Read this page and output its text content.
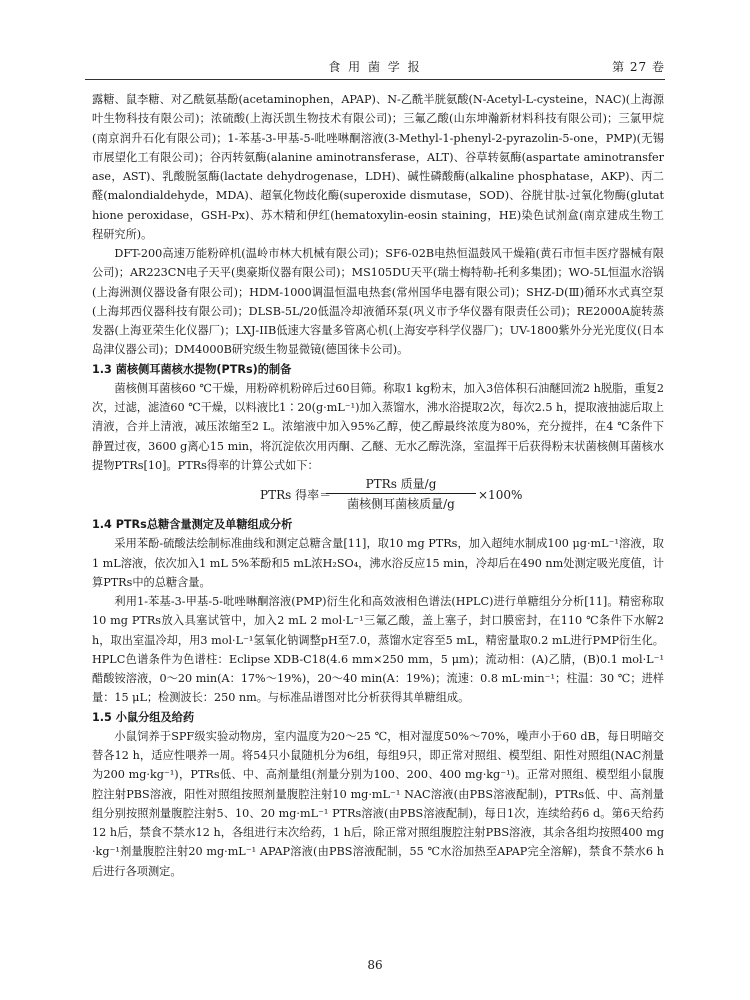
食 用 菌 学 报	第 27 卷

露糖、鼠李糖、对乙酰氨基酚(acetaminophen，APAP)、N-乙酰半胱氨酸(N-Acetyl-L-cysteine，NAC)(上海源叶生物科技有限公司)；浓硫酸(上海沃凯生物技术有限公司)；三氟乙酸(山东坤瀚新材料科技有限公司)；三氯甲烷(南京润升石化有限公司)；1-苯基-3-甲基-5-吡唑啉酮溶液(3-Methyl-1-phenyl-2-pyrazolin-5-one，PMP)(无锡市展望化工有限公司)；谷丙转氨酶(alanine aminotransferase，ALT)、谷草转氨酶(aspartate aminotransferase，AST)、乳酸脱氢酶(lactate dehydrogenase，LDH)、碱性磷酸酶(alkaline phosphatase，AKP)、丙二醛(malondialdehyde，MDA)、超氧化物歧化酶(superoxide dismutase，SOD)、谷胱甘肽-过氧化物酶(glutathione peroxidase，GSH-Px)、苏木精和伊红(hematoxylin-eosin staining，HE)染色试剂盒(南京建成生物工程研究所)。

DFT-200高速万能粉碎机(温岭市林大机械有限公司)；SF6-02B电热恒温鼓风干燥箱(黄石市恒丰医疗器械有限公司)；AR223CN电子天平(奥豪斯仪器有限公司)；MS105DU天平(瑞士梅特勒-托利多集团)；WO-5L恒温水浴锅(上海洲测仪器设备有限公司)；HDM-1000调温恒温电热套(常州国华电器有限公司)；SHZ-D(Ⅲ)循环水式真空泵(上海邦西仪器科技有限公司)；DLSB-5L/20低温冷却液循环泵(巩义市予华仪器有限责任公司)；RE2000A旋转蒸发器(上海亚荣生化仪器厂)；LXJ-IIB低速大容量多管离心机(上海安亭科学仪器厂)；UV-1800紫外分光光度仪(日本岛津仪器公司)；DM4000B研究级生物显微镜(德国徕卡公司)。

1.3 菌核侧耳菌核水提物(PTRs)的制备

菌核侧耳菌核60 ℃干燥，用粉碎机粉碎后过60目筛。称取1 kg粉末，加入3倍体积石油醚回流2 h脱脂，重复2次，过滤，滤渣60 ℃干燥，以料液比1∶20(g·mL⁻¹)加入蒸馏水，沸水浴提取2次，每次2.5 h，提取液抽滤后取上清液，合并上清液，减压浓缩至2 L。浓缩液中加入95%乙醇，使乙醇最终浓度为80%，充分搅拌，在4 ℃条件下静置过夜，3600 g离心15 min，将沉淀依次用丙酮、乙醚、无水乙醇洗涤，室温挥干后获得粉末状菌核侧耳菌核水提物PTRs[10]。PTRs得率的计算公式如下：

PTRs 得率＝
PTRs 质量/g
菌核侧耳菌核质量/g
×100%

1.4 PTRs总糖含量测定及单糖组成分析

采用苯酚-硫酸法绘制标准曲线和测定总糖含量[11]，取10 mg PTRs，加入超纯水制成100 μg·mL⁻¹溶液，取1 mL溶液，依次加入1 mL 5%苯酚和5 mL浓H₂SO₄，沸水浴反应15 min，冷却后在490 nm处测定吸光度值，计算PTRs中的总糖含量。

利用1-苯基-3-甲基-5-吡唑啉酮溶液(PMP)衍生化和高效液相色谱法(HPLC)进行单糖组分分析[11]。精密称取10 mg PTRs放入具塞试管中，加入2 mL 2 mol·L⁻¹三氟乙酸，盖上塞子，封口膜密封，在110 ℃条件下水解2 h，取出室温冷却，用3 mol·L⁻¹氢氧化钠调整pH至7.0，蒸馏水定容至5 mL，精密量取0.2 mL进行PMP衍生化。HPLC色谱条件为色谱柱：Eclipse XDB-C18(4.6 mm×250 mm，5 μm)；流动相：(A)乙腈，(B)0.1 mol·L⁻¹醋酸铵溶液，0～20 min(A：17%～19%)，20～40 min(A：19%)；流速：0.8 mL·min⁻¹；柱温：30 ℃；进样量：15 μL；检测波长：250 nm。与标准品谱图对比分析获得其单糖组成。

1.5 小鼠分组及给药

小鼠饲养于SPF级实验动物房，室内温度为20～25 ℃，相对湿度50%～70%，噪声小于60 dB，每日明暗交替各12 h，适应性喂养一周。将54只小鼠随机分为6组，每组9只，即正常对照组、模型组、阳性对照组(NAC剂量为200 mg·kg⁻¹)，PTRs低、中、高剂量组(剂量分别为100、200、400 mg·kg⁻¹)。正常对照组、模型组小鼠腹腔注射PBS溶液，阳性对照组按照剂量腹腔注射10 mg·mL⁻¹ NAC溶液(由PBS溶液配制)，PTRs低、中、高剂量组分别按照剂量腹腔注射5、10、20 mg·mL⁻¹ PTRs溶液(由PBS溶液配制)，每日1次，连续给药6 d。第6天给药12 h后，禁食不禁水12 h，各组进行末次给药，1 h后，除正常对照组腹腔注射PBS溶液，其余各组均按照400 mg·kg⁻¹剂量腹腔注射20 mg·mL⁻¹ APAP溶液(由PBS溶液配制，55 ℃水浴加热至APAP完全溶解)，禁食不禁水6 h后进行各项测定。

86
